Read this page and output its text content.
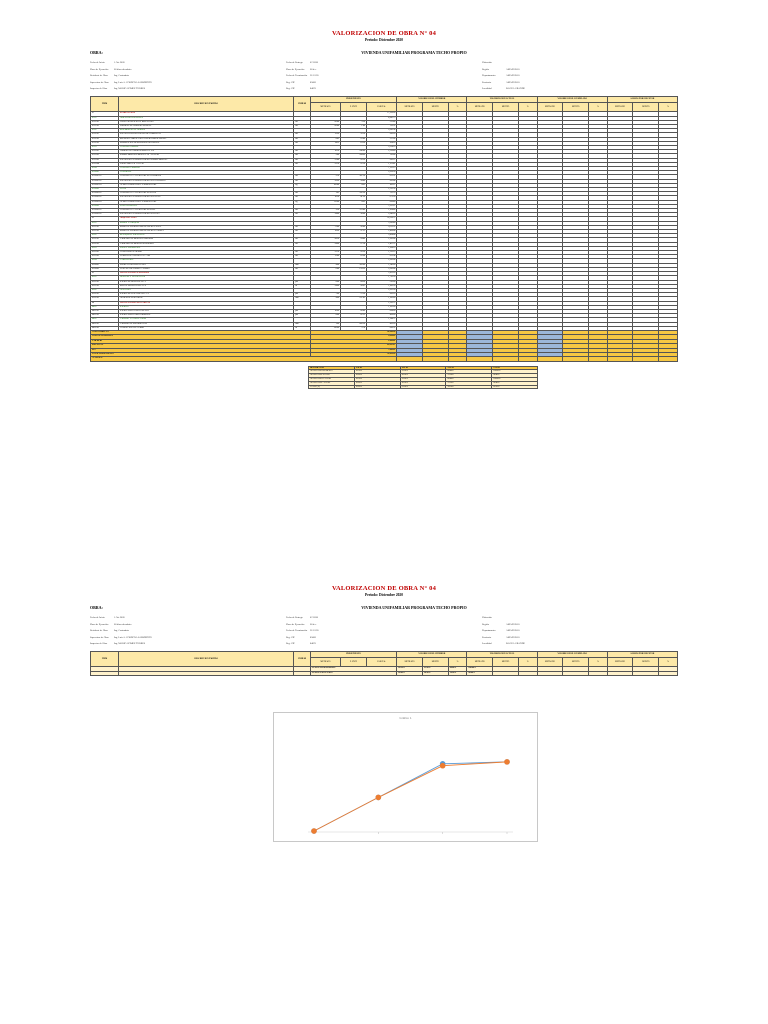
VALORIZACION DE OBRA N° 04
Periodo: Diciembre 2020
OBRA:	VIVIENDA UNIFAMILIAR PROGRAMA TECHO PROPIO
Fecha de Inicio	1 Oct 2020	Fecha de Entrega	07-2020	Ubicación
Plazo de Ejecución	60 días calendario	Plazo de Ejecución	60 d.c.	Región	AMAZONAS
Residente de Obra	Ing. Contratista	Fecha de Terminación	31/12/20	Departamento	AMAZONAS
Supervisor de Obra	Ing. Luis A. CORDOVA SARMIENTO	Reg. CIP	85083	Provincia	AMAZONAS
Inspector de Obra	Ing. MARIO GOMEZ TORRES	Reg. CIP	84875	Localidad	BAGUA GRANDE
ITEM	DESCRIPCION PARTIDA	UNIDAD	PRESUPUESTO			VALORIZACION ANTERIOR			VALORIZACION ACTUAL			VALORIZACION ACUMULADA			SALDOS POR EJECUTAR		
			METRADO	P. UNIT.	PARCIAL	METRADO	MONTO	%	METRADO	MONTO	%	METRADO	MONTO	%	METRADO	MONTO	%
01	ESTRUCTURAS				17,928.60												
01.01	OBRAS PROVISIONALES				4,845.75												
01.01.01	TRAZO NIVELACION Y REPLANTEO	m2	66.40	3.20	212.48												
01.01.02	LIMPIEZA DE TERRENO MANUAL	m2	66.40	1.80	119.52												
01.02	MOVIMIENTO DE TIERRAS				2,043.54												
01.02.01	EXCAVACION DE ZANJAS PARA CIMIENTOS	m3	15.96	35.10	560.20												
01.02.02	RELLENO COMPACTADO CON MATERIAL PROPIO	m3	8.42	25.80	217.24												
01.02.03	ELIMINACION DE MATERIAL EXCEDENTE	m3	14.52	18.20	264.26												
01.03	CONCRETO SIMPLE				3,914.16												
01.03.01	CIMIENTOS CORRIDOS MEZCLA 1:10	m3	10.50	240.80	2,528.40												
01.03.02	SOBRECIMIENTOS MEZCLA 1:8 + 25% P.M.	m3	2.80	284.60	796.88												
01.03.03	ENCOFRADO Y DESENCOFRADO SOBRECIMIENTO	m2	22.40	26.30	589.12												
01.03.04	FALSO PISO E=4" C:H 1:10	m2	52.10	22.10	1,151.41												
01.04	CONCRETO ARMADO				7,125.15												
01.04.01	COLUMNAS				2,658.30												
01.04.01.01	CONCRETO F'C=210 KG/CM2 EN COLUMNAS	m3	2.10	387.10	812.91												
01.04.01.02	ENCOFRADO Y DESENCOFRADO EN COLUMNAS	m2	28.60	34.40	983.84												
01.04.01.03	ACERO CORRUGADO FY=4200 KG/CM2	kg	185.40	4.65	862.11												
01.04.02	VIGAS				2,215.74												
01.04.02.01	CONCRETO F'C=210 KG/CM2 EN VIGAS	m3	1.85	392.30	725.76												
01.04.02.02	ENCOFRADO Y DESENCOFRADO EN VIGAS	m2	16.30	41.20	671.56												
01.04.02.03	ACERO CORRUGADO FY=4200 KG/CM2	kg	176.00	4.65	818.40												
01.04.03	LOSA ALIGERADA				2,251.11												
01.04.03.01	CONCRETO F'C=210 KG/CM2 EN LOSA	m3	3.20	376.40	1,204.48												
01.04.03.02	ENCOFRADO Y DESENCOFRADO EN LOSA	m2	34.80	30.08	1,046.63												
02	ARQUITECTURA				14,528.72												
02.01	MUROS Y TABIQUES				5,920.40												
02.01.01	MURO DE LADRILLO KK DE ARCILLA SOGA	m2	72.40	56.80	4,112.32												
02.01.02	MURO DE LADRILLO KK DE ARCILLA CABEZA	m2	18.60	97.21	1,808.08												
02.02	REVOQUES Y ENLUCIDOS				3,864.08												
02.02.01	TARRAJEO DE MUROS INTERIORES	m2	98.20	24.40	2,396.08												
02.02.02	TARRAJEO DE MUROS EXTERIORES	m2	54.00	27.18	1,467.72												
02.03	PISOS Y PAVIMENTOS				2,184.16												
02.03.01	CONTRAPISO E=40 MM	m2	52.10	26.30	1,370.23												
02.03.02	VEREDA DE CONCRETO F'C=140	m2	12.40	65.64	813.94												
02.04	CARPINTERIA				2,560.08												
02.04.01	PUERTA CONTRAPLACADA	und	4.00	385.00	1,540.00												
02.04.02	VENTANA DE FIERRO C/VIDRIO	m2	6.40	159.39	1,020.08												
03	INSTALACIONES SANITARIAS				3,412.20												
03.01	DESAGUE Y VENTILACION				1,716.30												
03.01.01	SALIDA DE DESAGUE PVC 2"	pto	8.00	64.50	516.00												
03.01.02	RED DE DERIVACION PVC 4"	m	24.00	50.01	1,200.30												
03.02	AGUA FRIA				1,695.90												
03.02.01	SALIDA DE AGUA FRIA PVC 1/2"	pto	7.00	72.30	506.10												
03.02.02	APARATOS SANITARIOS	und	4.00	297.45	1,189.80												
04	INSTALACIONES ELECTRICAS				2,326.72												
04.01	SALIDAS				1,182.00												
04.01.01	SALIDA PARA CENTRO DE LUZ	pto	10.00	68.40	684.00												
04.01.02	SALIDA PARA TOMACORRIENTE	pto	8.00	62.25	498.00												
04.02	TABLERO Y CONDUCTORES				1,144.72												
04.02.01	TABLERO DE DISTRIBUCION	und	1.00	456.20	456.20												
04.02.02	CONDUCTOR TW 2.5 MM2	m	120.00	5.74	688.52												
COSTO DIRECTO			38,196.24														
GASTOS GENERALES			3,819.62														
UTILIDAD			1,909.81														
SUB TOTAL			43,925.67														
IGV			7,906.62														
TOTAL PRESUPUESTO			51,832.29														
% AVANCE																	
DESCRIPCION	VAL 01	VAL 02	VAL 03	VAL 04
AVANCE PROGRAMADO	10.50%	35.20%	68.40%	100.00%
AVANCE EJECUTADO	10.80%	36.10%	70.20%	98.40%
AVANCE PROG. ACUM.	10.50%	35.20%	68.40%	100.00%
AVANCE EJEC. ACUM.	10.80%	36.10%	70.20%	98.40%
TOTAL (%)	10.80%	25.30%	34.10%	28.20%
VALORIZACION DE OBRA N° 04
Periodo: Diciembre 2020
OBRA:	VIVIENDA UNIFAMILIAR PROGRAMA TECHO PROPIO
Fecha de Inicio	1 Oct 2020	Fecha de Entrega	07-2020	Ubicación
Plazo de Ejecución	60 días calendario	Plazo de Ejecución	60 d.c.	Región	AMAZONAS
Residente de Obra	Ing. Contratista	Fecha de Terminación	31/12/20	Departamento	AMAZONAS
Supervisor de Obra	Ing. Luis A. CORDOVA SARMIENTO	Reg. CIP	85083	Provincia	AMAZONAS
Inspector de Obra	Ing. MARIO GOMEZ TORRES	Reg. CIP	84875	Localidad	BAGUA GRANDE
ITEM	DESCRIPCION PARTIDA	UNIDAD	PRESUPUESTO			VALORIZACION ANTERIOR			VALORIZACION ACTUAL			VALORIZACION ACUMULADA			SALDOS POR EJECUTAR		
			METRADO	P. UNIT.	PARCIAL	METRADO	MONTO	%	METRADO	MONTO	%	METRADO	MONTO	%	METRADO	MONTO	%
			AVANCE PROGRAMADO			10.50%	35.20%	68.40%	100.00%								
			AVANCE EJECUTADO			10.80%	36.10%	70.20%	98.40%								
Gráfico 1
